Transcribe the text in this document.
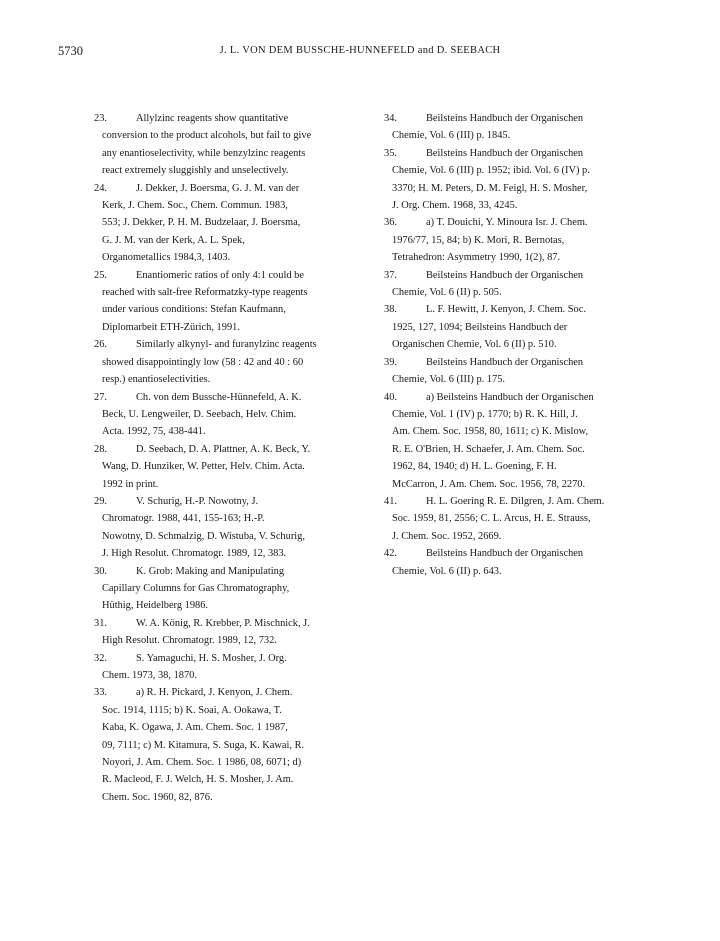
5730	J. L. VON DEM BUSSCHE-HUNNEFELD and D. SEEBACH
23.	Allylzinc reagents show quantitative
conversion to the product alcohols, but fail to give
any enantioselectivity, while benzylzinc reagents
react extremely sluggishly and unselectively.
24.	J. Dekker, J. Boersma, G. J. M. van der
Kerk, J. Chem. Soc., Chem. Commun. 1983,
553; J. Dekker, P. H. M. Budzelaar, J. Boersma,
G. J. M. van der Kerk, A. L. Spek,
Organometallics 1984,3, 1403.
25.	Enantiomeric ratios of only 4:1 could be
reached with salt-free Reformatzky-type reagents
under various conditions: Stefan Kaufmann,
Diplomarbeit ETH-Zürich, 1991.
26.	Similarly alkynyl- and furanylzinc reagents
showed disappointingly low (58 : 42 and 40 : 60
resp.) enantioselectivities.
27.	Ch. von dem Bussche-Hünnefeld, A. K.
Beck, U. Lengweiler, D. Seebach, Helv. Chim.
Acta. 1992, 75, 438-441.
28.	D. Seebach, D. A. Plattner, A. K. Beck, Y.
Wang, D. Hunziker, W. Petter, Helv. Chim. Acta.
1992 in print.
29.	V. Schurig, H.-P. Nowotny, J.
Chromatogr. 1988, 441, 155-163; H.-P.
Nowotny, D. Schmalzig, D. Wistuba, V. Schurig,
J. High Resolut. Chromatogr. 1989, 12, 383.
30.	K. Grob: Making and Manipulating
Capillary Columns for Gas Chromatography,
Hüthig, Heidelberg 1986.
31.	W. A. König, R. Krebber, P. Mischnick, J.
High Resolut. Chromatogr. 1989, 12, 732.
32.	S. Yamaguchi, H. S. Mosher, J. Org.
Chem. 1973, 38, 1870.
33.	a) R. H. Pickard, J. Kenyon, J. Chem.
Soc. 1914, 1115; b) K. Soai, A. Ookawa, T.
Kaba, K. Ogawa, J. Am. Chem. Soc. 1 1987,
09, 7111; c) M. Kitamura, S. Suga, K. Kawai, R.
Noyori, J. Am. Chem. Soc. 1 1986, 08, 6071; d)
R. Macleod, F. J. Welch, H. S. Mosher, J. Am.
Chem. Soc. 1960, 82, 876.
34.	Beilsteins Handbuch der Organischen
Chemie, Vol. 6 (III) p. 1845.
35.	Beilsteins Handbuch der Organischen
Chemie, Vol. 6 (III) p. 1952; ibid. Vol. 6 (IV) p.
3370; H. M. Peters, D. M. Feigl, H. S. Mosher,
J. Org. Chem. 1968, 33, 4245.
36.	a) T. Douichi, Y. Minoura Isr. J. Chem.
1976/77, 15, 84; b) K. Mori, R. Bernotas,
Tetrahedron: Asymmetry 1990, 1(2), 87.
37.	Beilsteins Handbuch der Organischen
Chemie, Vol. 6 (II) p. 505.
38.	L. F. Hewitt, J. Kenyon, J. Chem. Soc.
1925, 127, 1094; Beilsteins Handbuch der
Organischen Chemie, Vol. 6 (II) p. 510.
39.	Beilsteins Handbuch der Organischen
Chemie, Vol. 6 (III) p. 175.
40.	a) Beilsteins Handbuch der Organischen
Chemie, Vol. 1 (IV) p. 1770; b) R. K. Hill, J.
Am. Chem. Soc. 1958, 80, 1611; c) K. Mislow,
R. E. O'Brien, H. Schaefer, J. Am. Chem. Soc.
1962, 84, 1940; d) H. L. Goening, F. H.
McCarron, J. Am. Chem. Soc. 1956, 78, 2270.
41.	H. L. Goering R. E. Dilgren, J. Am. Chem.
Soc. 1959, 81, 2556; C. L. Arcus, H. E. Strauss,
J. Chem. Soc. 1952, 2669.
42.	Beilsteins Handbuch der Organischen
Chemie, Vol. 6 (II) p. 643.
